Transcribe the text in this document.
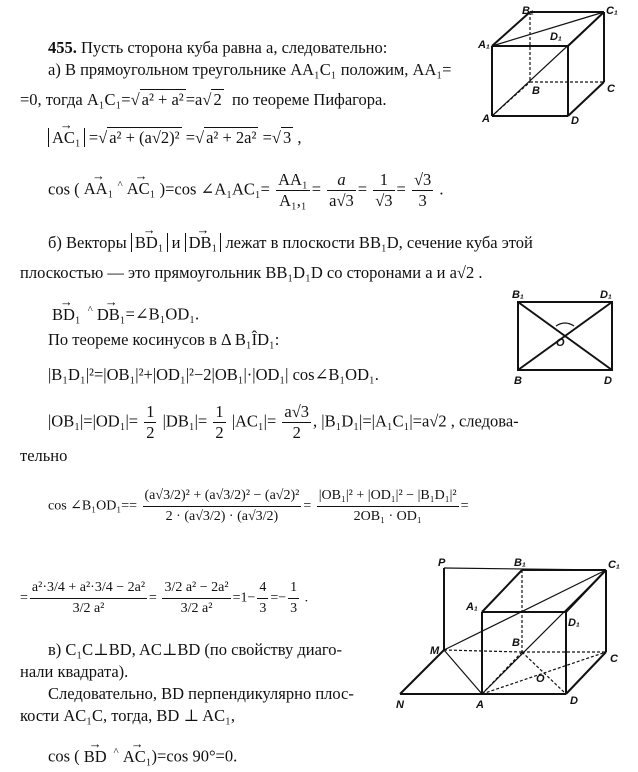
455. Пусть сторона куба равна a, следовательно:
а) В прямоугольном треугольнике AA₁C₁ положим, AA₁=
=0, тогда A₁C₁=√ a² + a² =a√ 2 по теореме Пифагора.
→ AC₁ =√ a² + (a√2)² =√ a² + 2a² =√ 3 ,
cos ( → AA₁ ^ → AC₁ )=cos ∠A₁AC₁= $\frac{\text{AA₁}}{\text{A₁,₁}} = \frac{a}{a√3} = \frac{1}{√3} = \frac{√3}{3}$ .
б) Векторы → BD₁ и → DB₁ лежат в плоскости BB₁D, сечение куба этой
плоскостью — это прямоугольник BB₁D₁D со сторонами a и a√2 .
→ BD₁  ^ → DB₁=∠B₁OD₁.
По теореме косинусов в Δ B₁ÎD₁:
|B₁D₁|²=|OB₁|²+|OD₁|²−2|OB₁|·|OD₁| cos∠B₁OD₁.
$|OB_1|=|OD_1|= \frac{1}{2} |DB_1|= \frac{1}{2} |AC_1|= \frac{a√3}{2}$ , |B₁D₁|=|A₁C₁|=a√2 , следова-
тельно
cos ∠B₁OD₁== $\frac{\text{(a√3/2)² + (a√3/2)² − (a√2)²}}{2 \cdot (a√3/2) \cdot (a√3/2)} = \frac{\text{|OB₁|² + |OD₁|² − |B₁D₁|²}}{\text{2OB₁ · OD₁}}$ =
= $\frac{\text{a²·3/4 + a²·3/4 − 2a²}}{\text{3/2 a²}} = \frac{\text{3/2 a² − 2a²}}{\text{3/2 a²}} =1- \frac{4}{3} =- \frac{1}{3}$ .
в) C₁C⊥BD, AC⊥BD (по свойству диаго-
нали квадрата).
Следовательно, BD перпендикулярно плос-
кости AC₁C, тогда, BD ⊥ AC₁,
cos ( → BD  ^ → AC₁)=cos 90°=0.
B₁	C₁
A₁
D₁
B	C
A	D
B₁	D₁
O
B	D
P	B₁	C₁
A₁
D₁
B
M
C
O
N	A	D
